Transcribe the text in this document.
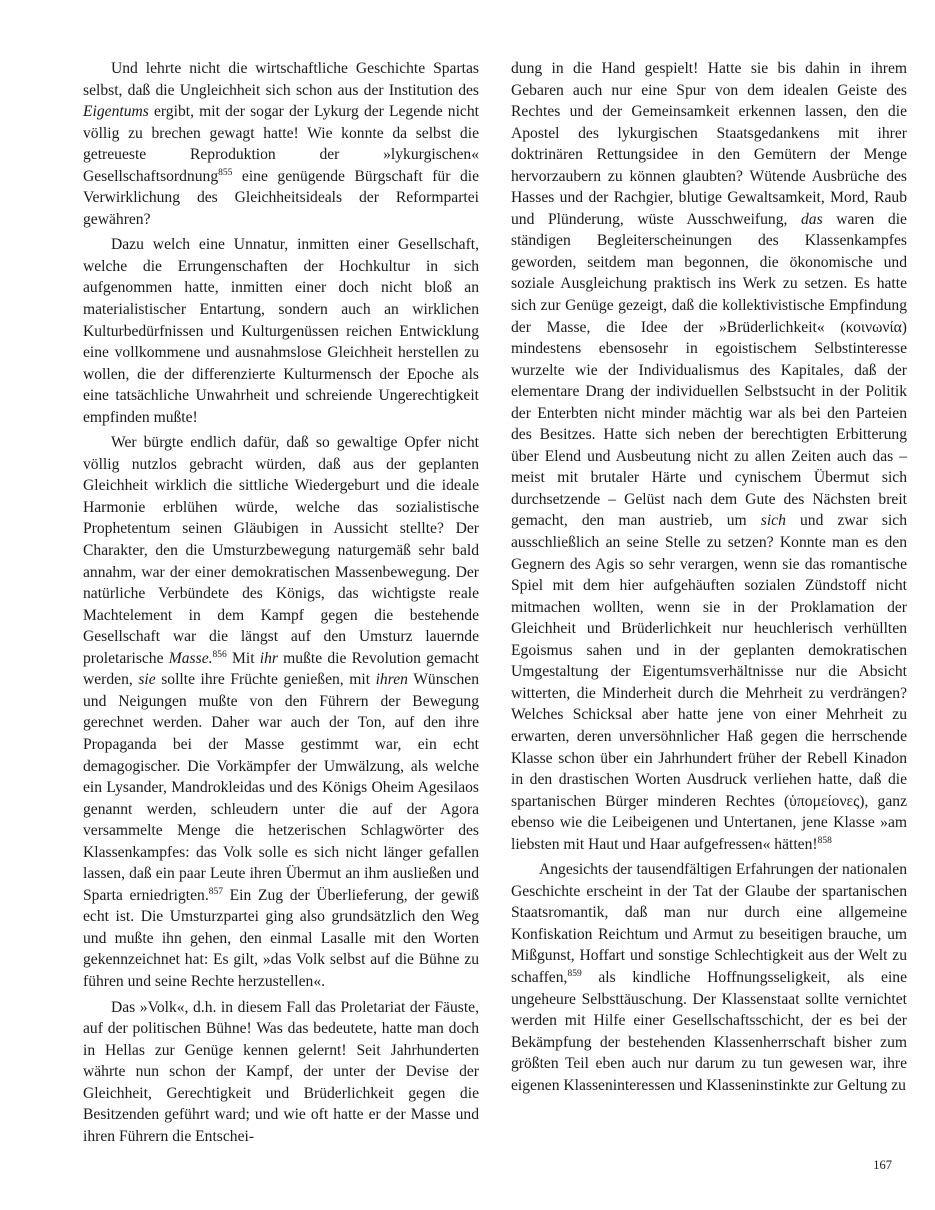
Und lehrte nicht die wirtschaftliche Geschichte Spartas selbst, daß die Ungleichheit sich schon aus der Institution des Eigentums ergibt, mit der sogar der Lykurg der Legende nicht völlig zu brechen gewagt hatte! Wie konnte da selbst die getreueste Reproduktion der »lykurgischen« Gesellschaftsordnung$^{855}$ eine genügende Bürgschaft für die Verwirklichung des Gleichheitsideals der Reformpartei gewähren?

Dazu welch eine Unnatur, inmitten einer Gesellschaft, welche die Errungenschaften der Hochkultur in sich aufgenommen hatte, inmitten einer doch nicht bloß an materialistischer Entartung, sondern auch an wirklichen Kulturbedürfnissen und Kulturgenüssen reichen Entwicklung eine vollkommene und ausnahmslose Gleichheit herstellen zu wollen, die der differenzierte Kulturmensch der Epoche als eine tatsächliche Unwahrheit und schreiende Ungerechtigkeit empfinden mußte!

Wer bürgte endlich dafür, daß so gewaltige Opfer nicht völlig nutzlos gebracht würden, daß aus der geplanten Gleichheit wirklich die sittliche Wiedergeburt und die ideale Harmonie erblühen würde, welche das sozialistische Prophetentum seinen Gläubigen in Aussicht stellte? Der Charakter, den die Umsturzbewegung naturgemäß sehr bald annahm, war der einer demokratischen Massenbewegung. Der natürliche Verbündete des Königs, das wichtigste reale Machtelement in dem Kampf gegen die bestehende Gesellschaft war die längst auf den Umsturz lauernde proletarische Masse.$^{856}$ Mit ihr mußte die Revolution gemacht werden, sie sollte ihre Früchte genießen, mit ihren Wünschen und Neigungen mußte von den Führern der Bewegung gerechnet werden. Daher war auch der Ton, auf den ihre Propaganda bei der Masse gestimmt war, ein echt demagogischer. Die Vorkämpfer der Umwälzung, als welche ein Lysander, Mandrokleidas und des Königs Oheim Agesilaos genannt werden, schleudern unter die auf der Agora versammelte Menge die hetzerischen Schlagwörter des Klassenkampfes: das Volk solle es sich nicht länger gefallen lassen, daß ein paar Leute ihren Übermut an ihm ausließen und Sparta erniedrigten.$^{857}$ Ein Zug der Überlieferung, der gewiß echt ist. Die Umsturzpartei ging also grundsätzlich den Weg und mußte ihn gehen, den einmal Lasalle mit den Worten gekennzeichnet hat: Es gilt, »das Volk selbst auf die Bühne zu führen und seine Rechte herzustellen«.

Das »Volk«, d.h. in diesem Fall das Proletariat der Fäuste, auf der politischen Bühne! Was das bedeutete, hatte man doch in Hellas zur Genüge kennen gelernt! Seit Jahrhunderten währte nun schon der Kampf, der unter der Devise der Gleichheit, Gerechtigkeit und Brüderlichkeit gegen die Besitzenden geführt ward; und wie oft hatte er der Masse und ihren Führern die Entschei-

dung in die Hand gespielt! Hatte sie bis dahin in ihrem Gebaren auch nur eine Spur von dem idealen Geiste des Rechtes und der Gemeinsamkeit erkennen lassen, den die Apostel des lykurgischen Staatsgedankens mit ihrer doktrinären Rettungsidee in den Gemütern der Menge hervorzaubern zu können glaubten? Wütende Ausbrüche des Hasses und der Rachgier, blutige Gewaltsamkeit, Mord, Raub und Plünderung, wüste Ausschweifung, das waren die ständigen Begleiterscheinungen des Klassenkampfes geworden, seitdem man begonnen, die ökonomische und soziale Ausgleichung praktisch ins Werk zu setzen. Es hatte sich zur Genüge gezeigt, daß die kollektivistische Empfindung der Masse, die Idee der »Brüderlichkeit« (κοινωνία) mindestens ebensosehr in egoistischem Selbstinteresse wurzelte wie der Individualismus des Kapitales, daß der elementare Drang der individuellen Selbstsucht in der Politik der Enterbten nicht minder mächtig war als bei den Parteien des Besitzes. Hatte sich neben der berechtigten Erbitterung über Elend und Ausbeutung nicht zu allen Zeiten auch das – meist mit brutaler Härte und cynischem Übermut sich durchsetzende – Gelüst nach dem Gute des Nächsten breit gemacht, den man austrieb, um sich und zwar sich ausschließlich an seine Stelle zu setzen? Konnte man es den Gegnern des Agis so sehr verargen, wenn sie das romantische Spiel mit dem hier aufgehäuften sozialen Zündstoff nicht mitmachen wollten, wenn sie in der Proklamation der Gleichheit und Brüderlichkeit nur heuchlerisch verhüllten Egoismus sahen und in der geplanten demokratischen Umgestaltung der Eigentumsverhältnisse nur die Absicht witterten, die Minderheit durch die Mehrheit zu verdrängen? Welches Schicksal aber hatte jene von einer Mehrheit zu erwarten, deren unversöhnlicher Haß gegen die herrschende Klasse schon über ein Jahrhundert früher der Rebell Kinadon in den drastischen Worten Ausdruck verliehen hatte, daß die spartanischen Bürger minderen Rechtes (ὑπομείονες), ganz ebenso wie die Leibeigenen und Untertanen, jene Klasse »am liebsten mit Haut und Haar aufgefressen« hätten!$^{858}$

Angesichts der tausendfältigen Erfahrungen der nationalen Geschichte erscheint in der Tat der Glaube der spartanischen Staatsromantik, daß man nur durch eine allgemeine Konfiskation Reichtum und Armut zu beseitigen brauche, um Mißgunst, Hoffart und sonstige Schlechtigkeit aus der Welt zu schaffen,$^{859}$ als kindliche Hoffnungsseligkeit, als eine ungeheure Selbsttäuschung. Der Klassenstaat sollte vernichtet werden mit Hilfe einer Gesellschaftsschicht, der es bei der Bekämpfung der bestehenden Klassenherrschaft bisher zum größten Teil eben auch nur darum zu tun gewesen war, ihre eigenen Klasseninteressen und Klasseninstinkte zur Geltung zu

167
